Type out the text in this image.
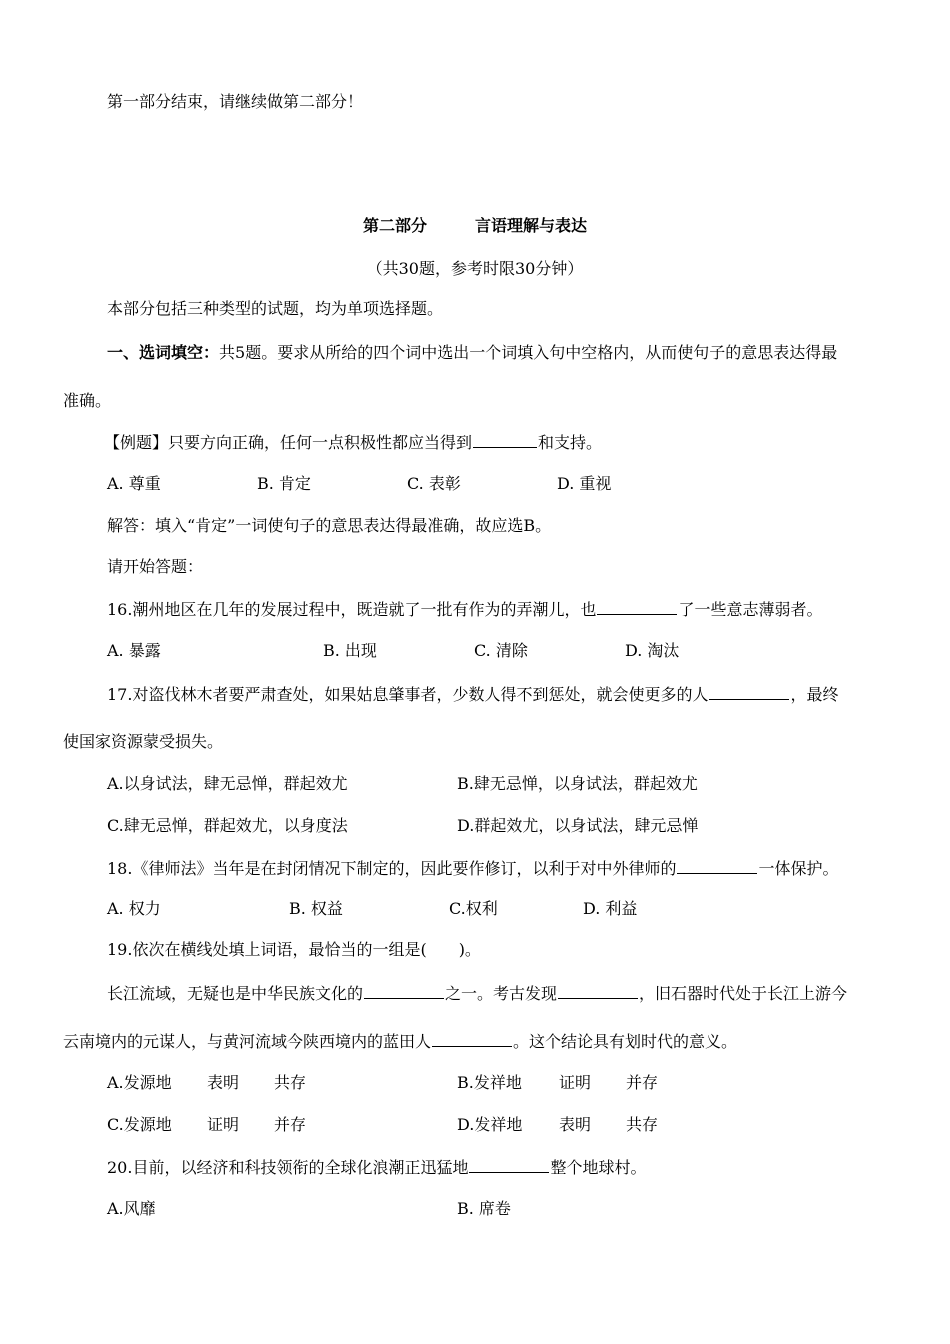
第一部分结束，请继续做第二部分！
第二部分	言语理解与表达
（共30题，参考时限30分钟）
本部分包括三种类型的试题，均为单项选择题。
一、选词填空：共5题。要求从所给的四个词中选出一个词填入句中空格内，从而使句子的意思表达得最
准确。
【例题】只要方向正确，任何一点积极性都应当得到	和支持。
A. 尊重	B. 肯定	C. 表彰	D. 重视
解答：填入“肯定”一词使句子的意思表达得最准确，故应选B。
请开始答题：
16.潮州地区在几年的发展过程中，既造就了一批有作为的弄潮儿，也	了一些意志薄弱者。
A. 暴露	B. 出现	C. 清除	D. 淘汰
17.对盗伐林木者要严肃查处，如果姑息肇事者，少数人得不到惩处，就会使更多的人	，最终
使国家资源蒙受损失。
A.以身试法，肆无忌惮，群起效尤	B.肆无忌惮，以身试法，群起效尤
C.肆无忌惮，群起效尤，以身度法	D.群起效尤，以身试法，肆元忌惮
18.《律师法》当年是在封闭情况下制定的，因此要作修订，以利于对中外律师的	一体保护。
A. 权力	B. 权益	C.权利	D. 利益
19.依次在横线处填上词语，最恰当的一组是(　　)。
长江流域，无疑也是中华民族文化的	之一。考古发现	，旧石器时代处于长江上游今
云南境内的元谋人，与黄河流域今陕西境内的蓝田人	。这个结论具有划时代的意义。
A.发源地 表明 共存	B.发祥地 证明 并存
C.发源地 证明 并存	D.发祥地 表明 共存
20.目前，以经济和科技领衔的全球化浪潮正迅猛地	整个地球村。
A.风靡	B. 席卷
